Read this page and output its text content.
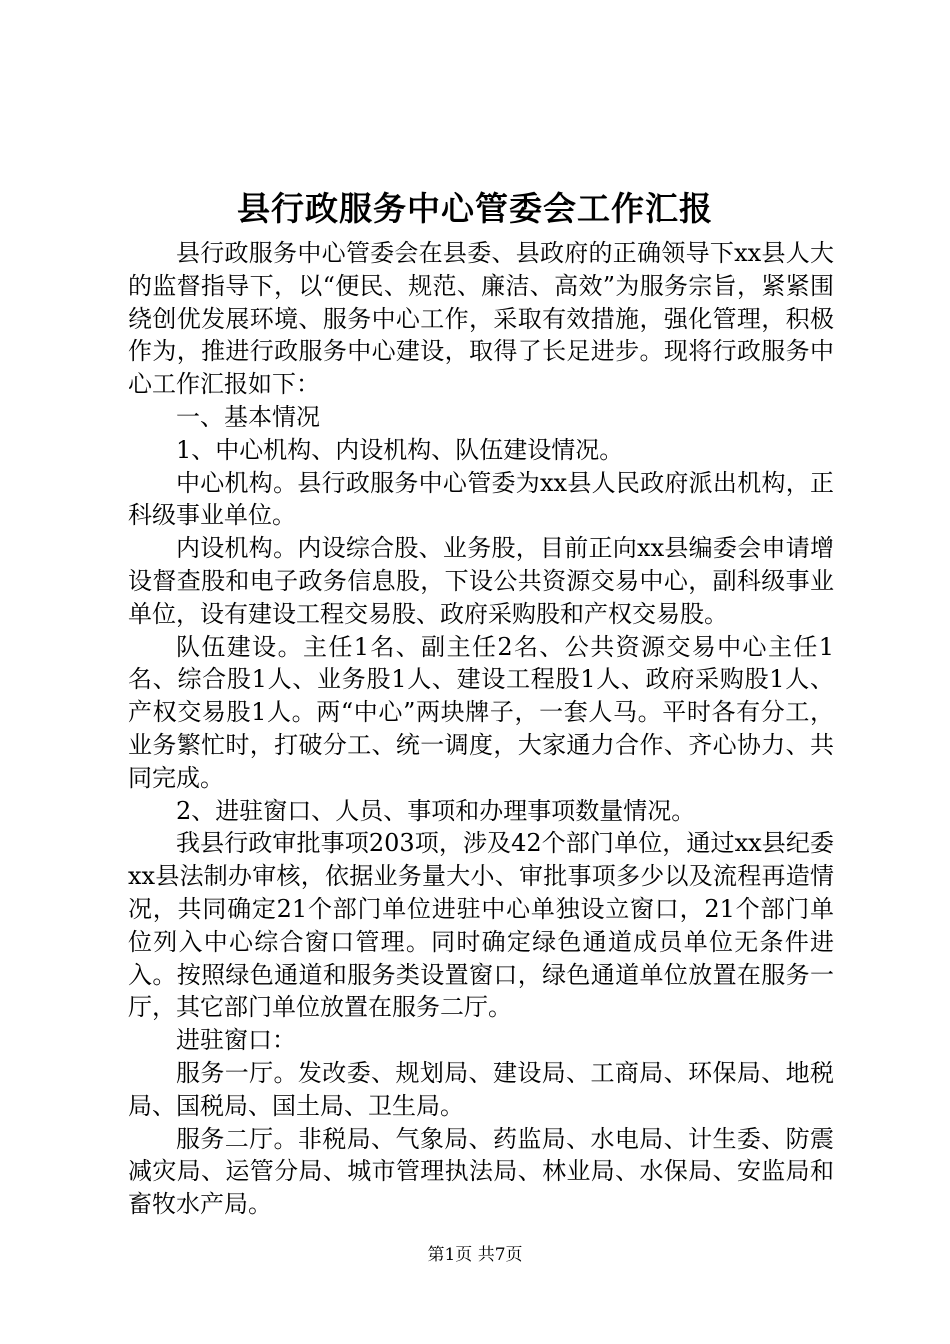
县行政服务中心管委会工作汇报

县行政服务中心管委会在县委、县政府的正确领导下xx县人大的监督指导下，以“便民、规范、廉洁、高效”为服务宗旨，紧紧围绕创优发展环境、服务中心工作，采取有效措施，强化管理，积极作为，推进行政服务中心建设，取得了长足进步。现将行政服务中心工作汇报如下：

一、基本情况

1、中心机构、内设机构、队伍建设情况。

中心机构。县行政服务中心管委为xx县人民政府派出机构，正科级事业单位。

内设机构。内设综合股、业务股，目前正向xx县编委会申请增设督查股和电子政务信息股，下设公共资源交易中心，副科级事业单位，设有建设工程交易股、政府采购股和产权交易股。

队伍建设。主任1名、副主任2名、公共资源交易中心主任1名、综合股1人、业务股1人、建设工程股1人、政府采购股1人、产权交易股1人。两“中心”两块牌子，一套人马。平时各有分工，业务繁忙时，打破分工、统一调度，大家通力合作、齐心协力、共同完成。

2、进驻窗口、人员、事项和办理事项数量情况。

我县行政审批事项203项，涉及42个部门单位，通过xx县纪委xx县法制办审核，依据业务量大小、审批事项多少以及流程再造情况，共同确定21个部门单位进驻中心单独设立窗口，21个部门单位列入中心综合窗口管理。同时确定绿色通道成员单位无条件进入。按照绿色通道和服务类设置窗口，绿色通道单位放置在服务一厅，其它部门单位放置在服务二厅。

进驻窗口：

服务一厅。发改委、规划局、建设局、工商局、环保局、地税局、国税局、国土局、卫生局。

服务二厅。非税局、气象局、药监局、水电局、计生委、防震减灾局、运管分局、城市管理执法局、林业局、水保局、安监局和畜牧水产局。

第1页 共7页
